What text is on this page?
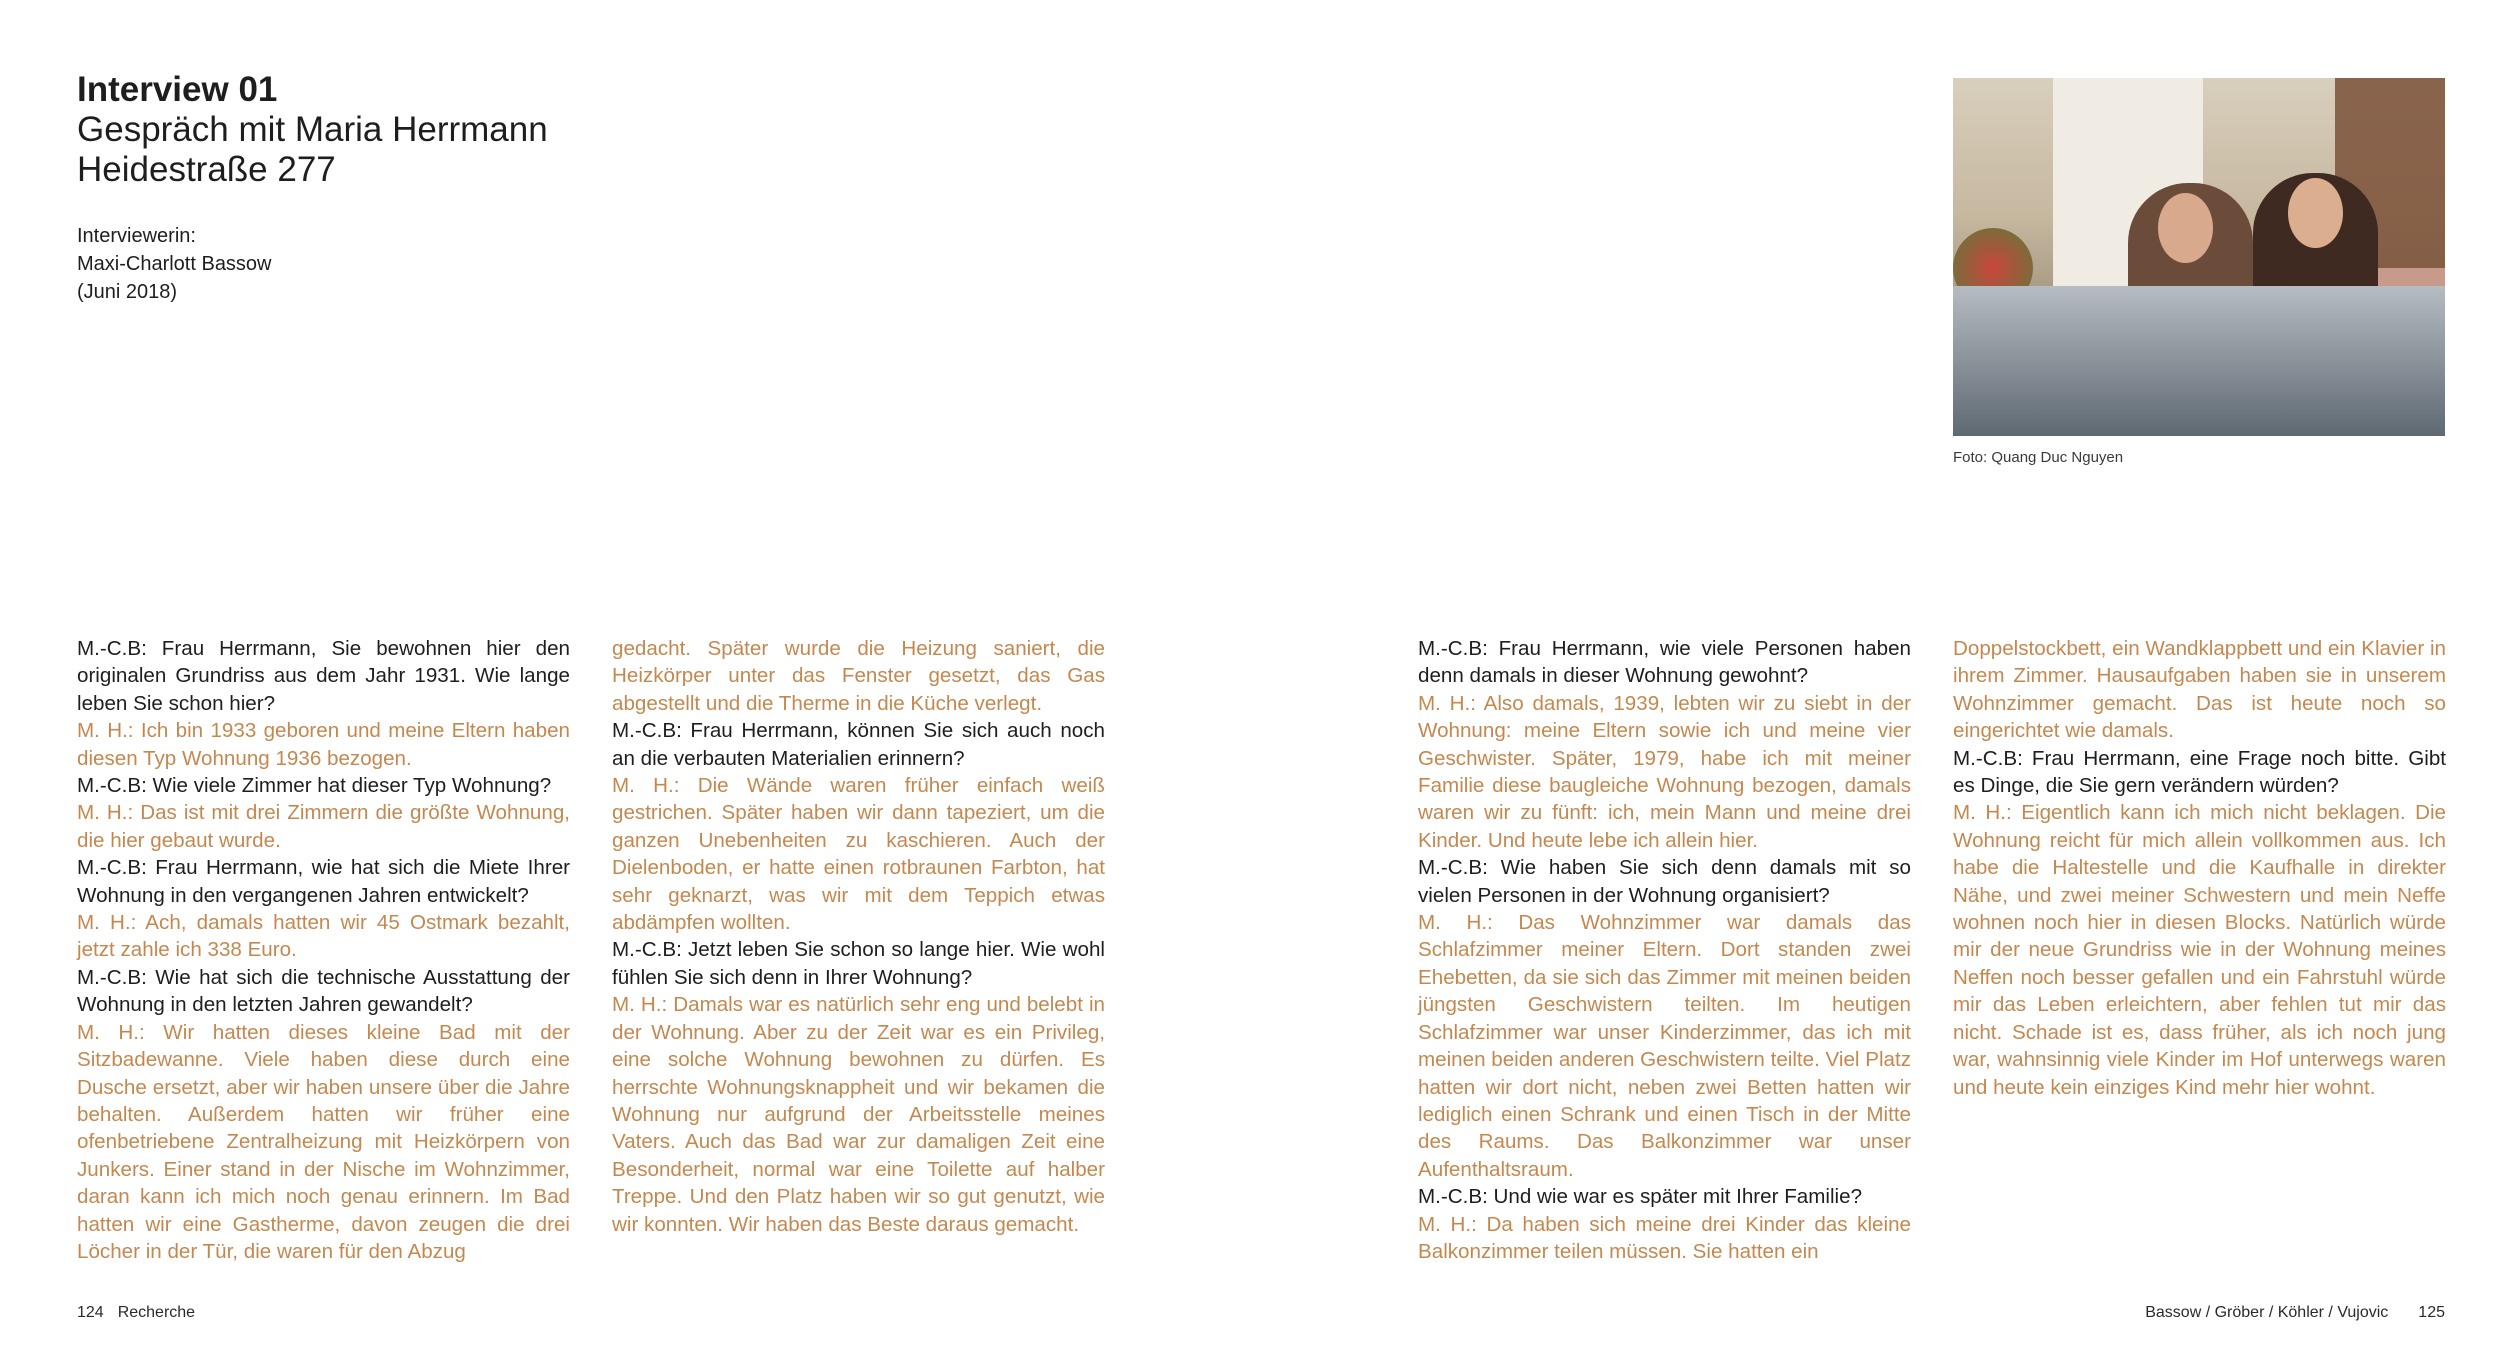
Interview 01
Gespräch mit Maria Herrmann
Heidestraße 277
Interviewerin:
Maxi-Charlott Bassow
(Juni 2018)
Foto: Quang Duc Nguyen
M.-C.B: Frau Herrmann, Sie bewohnen hier den originalen Grundriss aus dem Jahr 1931. Wie lange leben Sie schon hier?
M. H.: Ich bin 1933 geboren und meine Eltern haben diesen Typ Wohnung 1936 bezogen.
M.-C.B: Wie viele Zimmer hat dieser Typ Wohnung?
M. H.: Das ist mit drei Zimmern die größte Wohnung, die hier gebaut wurde.
M.-C.B: Frau Herrmann, wie hat sich die Miete Ihrer Wohnung in den vergangenen Jahren entwickelt?
M. H.: Ach, damals hatten wir 45 Ostmark bezahlt, jetzt zahle ich 338 Euro.
M.-C.B: Wie hat sich die technische Ausstattung der Wohnung in den letzten Jahren gewandelt?
M. H.: Wir hatten dieses kleine Bad mit der Sitzbadewanne. Viele haben diese durch eine Dusche ersetzt, aber wir haben unsere über die Jahre behalten. Außerdem hatten wir früher eine ofenbetriebene Zentralheizung mit Heizkörpern von Junkers. Einer stand in der Nische im Wohnzimmer, daran kann ich mich noch genau erinnern. Im Bad hatten wir eine Gastherme, davon zeugen die drei Löcher in der Tür, die waren für den Abzug
gedacht. Später wurde die Heizung saniert, die Heizkörper unter das Fenster gesetzt, das Gas abgestellt und die Therme in die Küche verlegt.
M.-C.B: Frau Herrmann, können Sie sich auch noch an die verbauten Materialien erinnern?
M. H.: Die Wände waren früher einfach weiß gestrichen. Später haben wir dann tapeziert, um die ganzen Unebenheiten zu kaschieren. Auch der Dielenboden, er hatte einen rotbraunen Farbton, hat sehr geknarzt, was wir mit dem Teppich etwas abdämpfen wollten.
M.-C.B: Jetzt leben Sie schon so lange hier. Wie wohl fühlen Sie sich denn in Ihrer Wohnung?
M. H.: Damals war es natürlich sehr eng und belebt in der Wohnung. Aber zu der Zeit war es ein Privileg, eine solche Wohnung bewohnen zu dürfen. Es herrschte Wohnungsknappheit und wir bekamen die Wohnung nur aufgrund der Arbeitsstelle meines Vaters. Auch das Bad war zur damaligen Zeit eine Besonderheit, normal war eine Toilette auf halber Treppe. Und den Platz haben wir so gut genutzt, wie wir konnten. Wir haben das Beste daraus gemacht.
M.-C.B: Frau Herrmann, wie viele Personen haben denn damals in dieser Wohnung gewohnt?
M. H.: Also damals, 1939, lebten wir zu siebt in der Wohnung: meine Eltern sowie ich und meine vier Geschwister. Später, 1979, habe ich mit meiner Familie diese baugleiche Wohnung bezogen, damals waren wir zu fünft: ich, mein Mann und meine drei Kinder. Und heute lebe ich allein hier.
M.-C.B: Wie haben Sie sich denn damals mit so vielen Personen in der Wohnung organisiert?
M. H.: Das Wohnzimmer war damals das Schlafzimmer meiner Eltern. Dort standen zwei Ehebetten, da sie sich das Zimmer mit meinen beiden jüngsten Geschwistern teilten. Im heutigen Schlafzimmer war unser Kinderzimmer, das ich mit meinen beiden anderen Geschwistern teilte. Viel Platz hatten wir dort nicht, neben zwei Betten hatten wir lediglich einen Schrank und einen Tisch in der Mitte des Raums. Das Balkonzimmer war unser Aufenthaltsraum.
M.-C.B: Und wie war es später mit Ihrer Familie?
M. H.: Da haben sich meine drei Kinder das kleine Balkonzimmer teilen müssen. Sie hatten ein
Doppelstockbett, ein Wandklappbett und ein Klavier in ihrem Zimmer. Hausaufgaben haben sie in unserem Wohnzimmer gemacht. Das ist heute noch so eingerichtet wie damals.
M.-C.B: Frau Herrmann, eine Frage noch bitte. Gibt es Dinge, die Sie gern verändern würden?
M. H.: Eigentlich kann ich mich nicht beklagen. Die Wohnung reicht für mich allein vollkommen aus. Ich habe die Haltestelle und die Kaufhalle in direkter Nähe, und zwei meiner Schwestern und mein Neffe wohnen noch hier in diesen Blocks. Natürlich würde mir der neue Grundriss wie in der Wohnung meines Neffen noch besser gefallen und ein Fahrstuhl würde mir das Leben erleichtern, aber fehlen tut mir das nicht. Schade ist es, dass früher, als ich noch jung war, wahnsinnig viele Kinder im Hof unterwegs waren und heute kein einziges Kind mehr hier wohnt.
124 Recherche	Bassow / Gröber / Köhler / Vujovic 125
